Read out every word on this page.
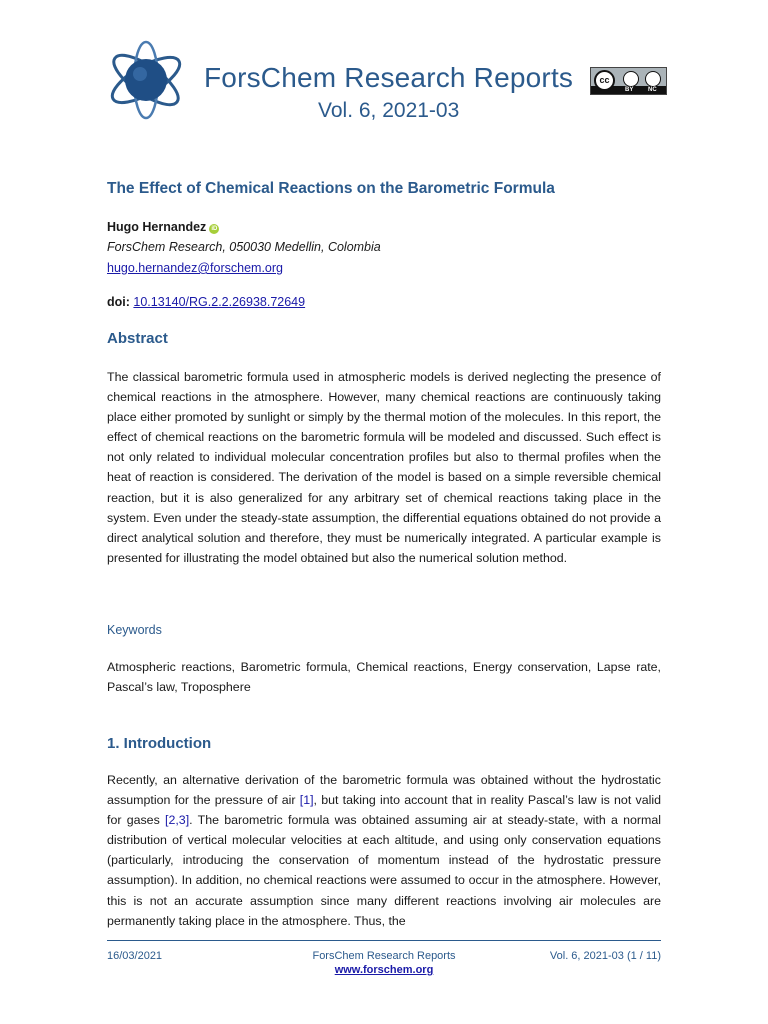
ForsChem Research Reports
Vol. 6, 2021-03
cc
BY NC
The Effect of Chemical Reactions on the Barometric Formula
Hugo Hernandez iD
ForsChem Research, 050030 Medellin, Colombia
hugo.hernandez@forschem.org
doi: 10.13140/RG.2.2.26938.72649
Abstract

The classical barometric formula used in atmospheric models is derived neglecting the presence of chemical reactions in the atmosphere. However, many chemical reactions are continuously taking place either promoted by sunlight or simply by the thermal motion of the molecules. In this report, the effect of chemical reactions on the barometric formula will be modeled and discussed. Such effect is not only related to individual molecular concentration profiles but also to thermal profiles when the heat of reaction is considered. The derivation of the model is based on a simple reversible chemical reaction, but it is also generalized for any arbitrary set of chemical reactions taking place in the system. Even under the steady-state assumption, the differential equations obtained do not provide a direct analytical solution and therefore, they must be numerically integrated. A particular example is presented for illustrating the model obtained but also the numerical solution method.

Keywords

Atmospheric reactions, Barometric formula, Chemical reactions, Energy conservation, Lapse rate, Pascal’s law, Troposphere

1. Introduction

Recently, an alternative derivation of the barometric formula was obtained without the hydrostatic assumption for the pressure of air [1], but taking into account that in reality Pascal’s law is not valid for gases [2,3]. The barometric formula was obtained assuming air at steady-state, with a normal distribution of vertical molecular velocities at each altitude, and using only conservation equations (particularly, introducing the conservation of momentum instead of the hydrostatic pressure assumption). In addition, no chemical reactions were assumed to occur in the atmosphere. However, this is not an accurate assumption since many different reactions involving air molecules are permanently taking place in the atmosphere. Thus, the

16/03/2021	ForsChem Research Reports
www.forschem.org
Vol. 6, 2021-03 (1 / 11)
